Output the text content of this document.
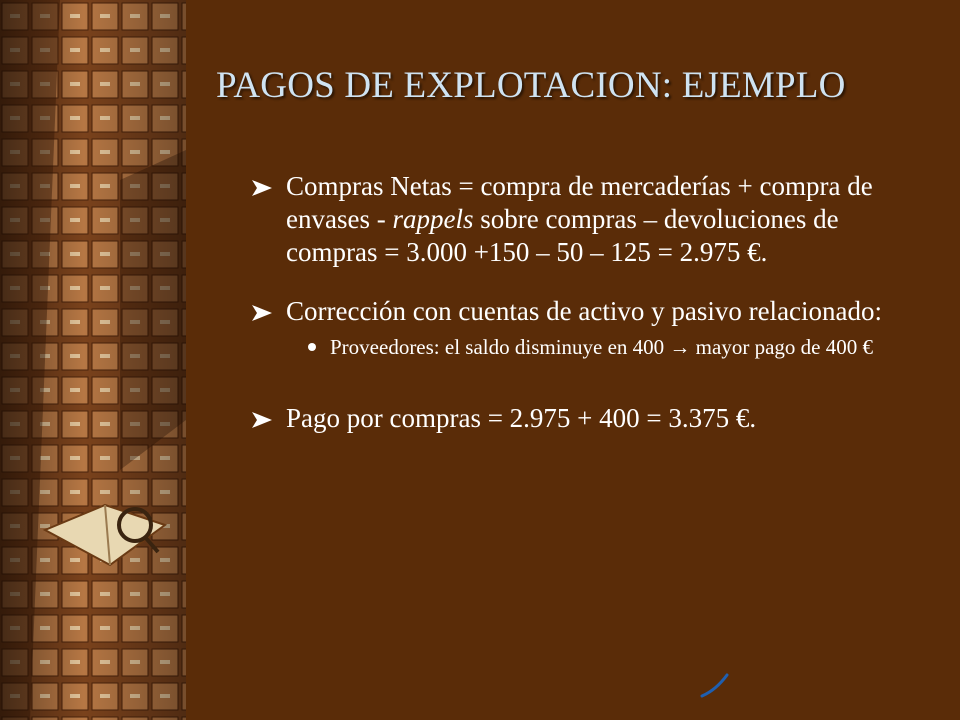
PAGOS DE EXPLOTACION: EJEMPLO
Compras Netas = compra de mercaderías + compra de envases - rappels sobre compras – devoluciones de compras = 3.000 +150 – 50 – 125 = 2.975 €.
Corrección con cuentas de activo y pasivo relacionado:
Proveedores: el saldo disminuye en 400 → mayor pago de 400 €
Pago por compras = 2.975 + 400 = 3.375 €.
